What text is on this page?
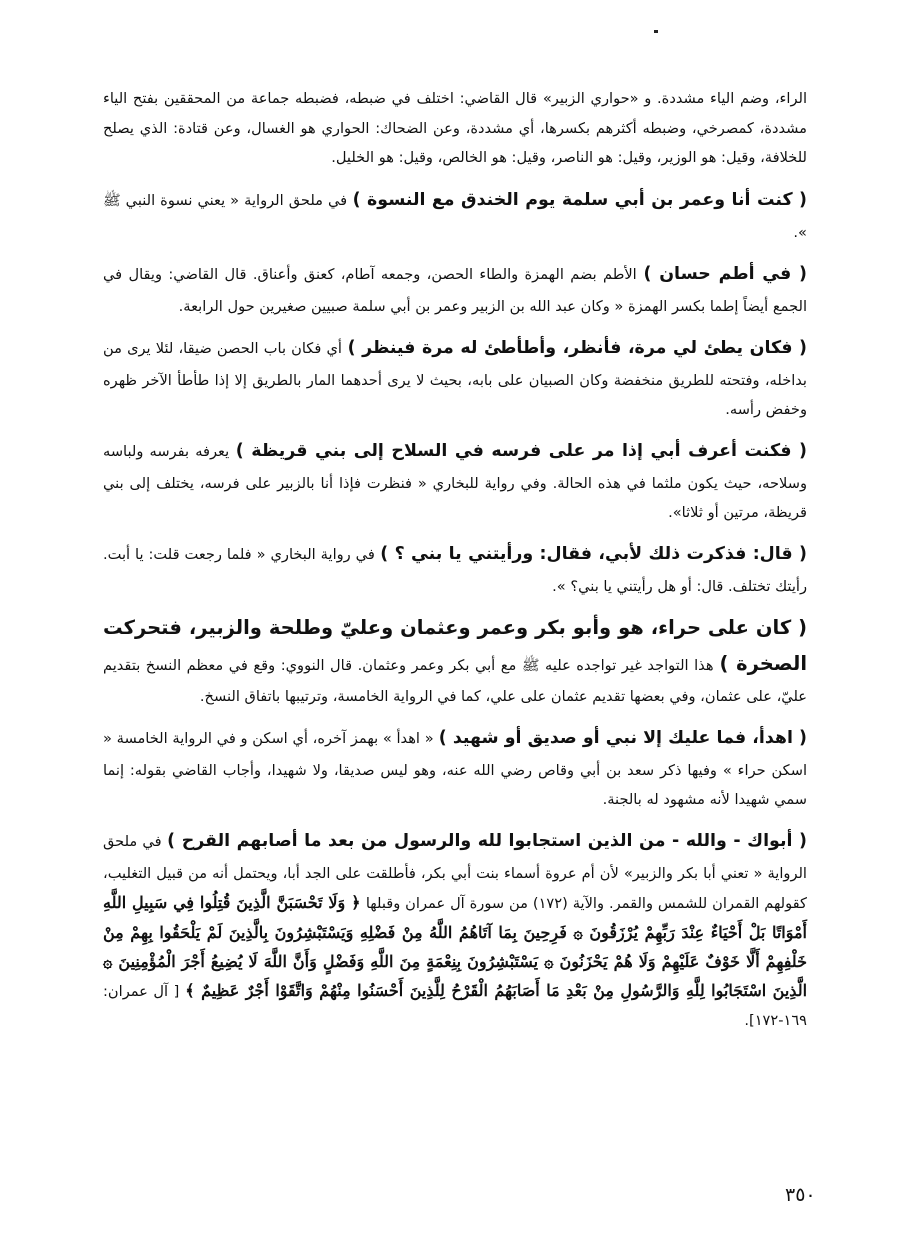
الراء، وضم الياء مشددة. و «حواري الزبير» قال القاضي: اختلف في ضبطه، فضبطه جماعة من المحققين بفتح الياء مشددة، كمصرخي، وضبطه أكثرهم بكسرها، أي مشددة، وعن الضحاك: الحواري هو الغسال، وعن قتادة: الذي يصلح للخلافة، وقيل: هو الوزير، وقيل: هو الناصر، وقيل: هو الخالص، وقيل: هو الخليل.

( كنت أنا وعمر بن أبي سلمة يوم الخندق مع النسوة ) في ملحق الرواية « يعني نسوة النبي ﷺ ».

( في أطم حسان ) الأطم بضم الهمزة والطاء الحصن، وجمعه آطام، كعنق وأعناق. قال القاضي: ويقال في الجمع أيضاً إطما بكسر الهمزة « وكان عبد الله بن الزبير وعمر بن أبي سلمة صبيين صغيرين حول الرابعة.

( فكان يطئ لي مرة، فأنظر، وأطأطئ له مرة فينظر ) أي فكان باب الحصن ضيقا، لئلا يرى من بداخله، وفتحته للطريق منخفضة وكان الصبيان على بابه، بحيث لا يرى أحدهما المار بالطريق إلا إذا طأطأ الآخر ظهره وخفض رأسه.

( فكنت أعرف أبي إذا مر على فرسه في السلاح إلى بني قريظة ) يعرفه بفرسه ولباسه وسلاحه، حيث يكون ملثما في هذه الحالة. وفي رواية للبخاري « فنظرت فإذا أنا بالزبير على فرسه، يختلف إلى بني قريظة، مرتين أو ثلاثا».

( قال: فذكرت ذلك لأبي، فقال: ورأيتني يا بني ؟ ) في رواية البخاري « فلما رجعت قلت: يا أبت. رأيتك تختلف. قال: أو هل رأيتني يا بني؟ ».

( كان على حراء، هو وأبو بكر وعمر وعثمان وعليّ وطلحة والزبير، فتحركت الصخرة ) هذا التواجد غير تواجده عليه ﷺ مع أبي بكر وعمر وعثمان. قال النووي: وقع في معظم النسخ بتقديم عليّ، على عثمان، وفي بعضها تقديم عثمان على علي، كما في الرواية الخامسة، وترتيبها باتفاق النسخ.

( اهدأ، فما عليك إلا نبي أو صديق أو شهيد ) « اهدأ » بهمز آخره، أي اسكن و في الرواية الخامسة « اسكن حراء » وفيها ذكر سعد بن أبي وقاص رضي الله عنه، وهو ليس صديقا، ولا شهيدا، وأجاب القاضي بقوله: إنما سمي شهيدا لأنه مشهود له بالجنة.

( أبواك - والله - من الذين استجابوا لله والرسول من بعد ما أصابهم القرح ) في ملحق الرواية « تعني أبا بكر والزبير» لأن أم عروة أسماء بنت أبي بكر، فأطلقت على الجد أبا، ويحتمل أنه من قبيل التغليب، كقولهم القمران للشمس والقمر. والآية (١٧٢) من سورة آل عمران وقبلها ﴿ وَلَا تَحْسَبَنَّ الَّذِينَ قُتِلُوا فِي سَبِيلِ اللَّهِ أَمْوَاتًا بَلْ أَحْيَاءٌ عِنْدَ رَبِّهِمْ يُرْزَقُونَ ۞ فَرِحِينَ بِمَا آتَاهُمُ اللَّهُ مِنْ فَضْلِهِ وَيَسْتَبْشِرُونَ بِالَّذِينَ لَمْ يَلْحَقُوا بِهِمْ مِنْ خَلْفِهِمْ أَلَّا خَوْفٌ عَلَيْهِمْ وَلَا هُمْ يَحْزَنُونَ ۞ يَسْتَبْشِرُونَ بِنِعْمَةٍ مِنَ اللَّهِ وَفَضْلٍ وَأَنَّ اللَّهَ لَا يُضِيعُ أَجْرَ الْمُؤْمِنِينَ ۞ الَّذِينَ اسْتَجَابُوا لِلَّهِ وَالرَّسُولِ مِنْ بَعْدِ مَا أَصَابَهُمُ الْقَرْحُ لِلَّذِينَ أَحْسَنُوا مِنْهُمْ وَاتَّقَوْا أَجْرٌ عَظِيمٌ ﴾ [ آل عمران: ١٦٩-١٧٢].

٣٥٠
